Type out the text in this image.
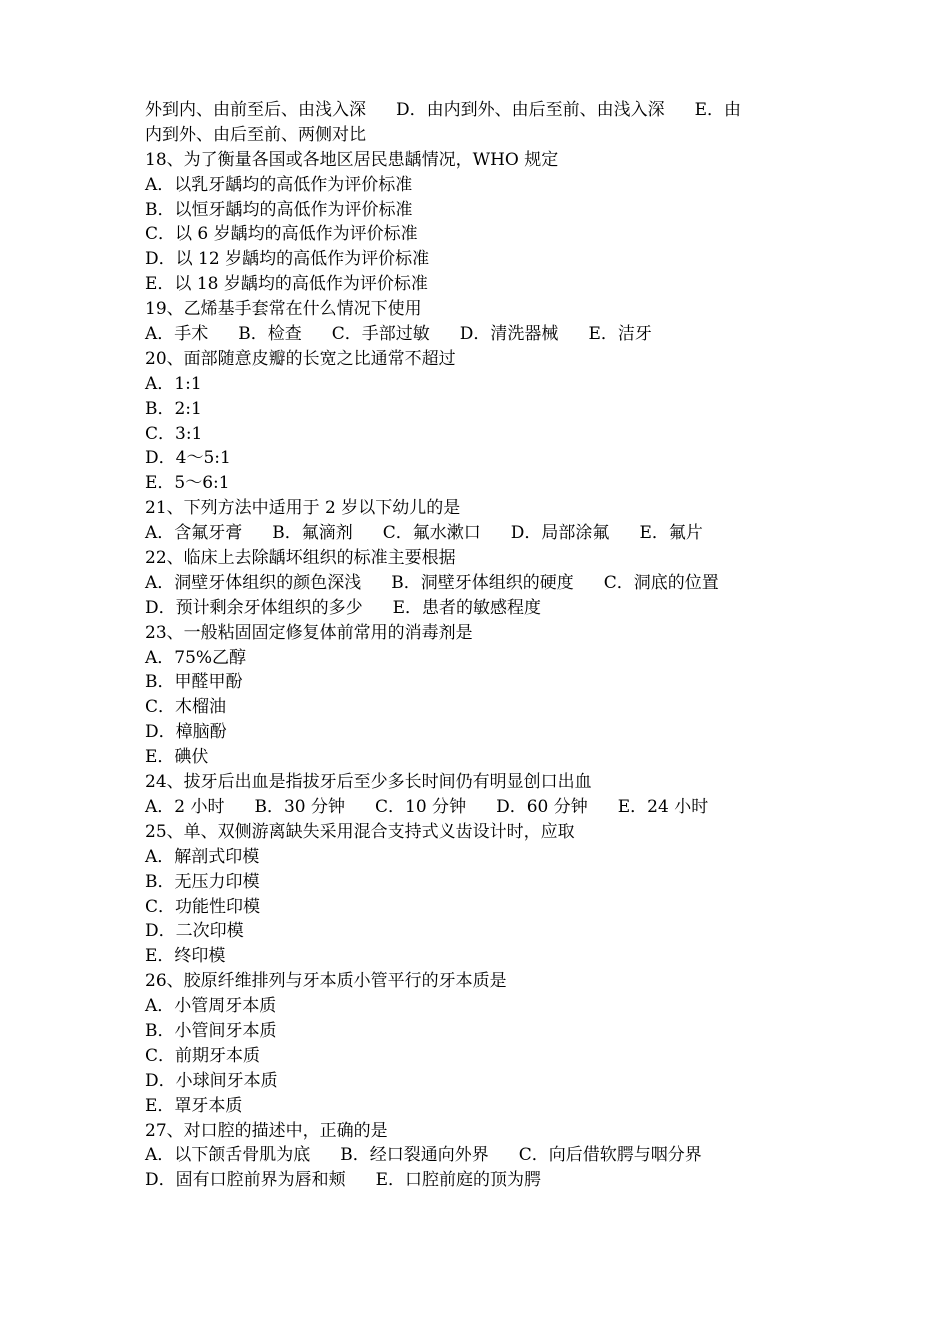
外到内、由前至后、由浅入深 D．由内到外、由后至前、由浅入深 E．由
内到外、由后至前、两侧对比
18、为了衡量各国或各地区居民患龋情况，WHO 规定
A．以乳牙龋均的高低作为评价标准
B．以恒牙龋均的高低作为评价标准
C．以 6 岁龋均的高低作为评价标准
D．以 12 岁龋均的高低作为评价标准
E．以 18 岁龋均的高低作为评价标准
19、乙烯基手套常在什么情况下使用
A．手术 B．检查 C．手部过敏 D．清洗器械 E．洁牙
20、面部随意皮瓣的长宽之比通常不超过
A．1:1
B．2:1
C．3:1
D．4～5:1
E．5～6:1
21、下列方法中适用于 2 岁以下幼儿的是
A．含氟牙膏 B．氟滴剂 C．氟水漱口 D．局部涂氟 E．氟片
22、临床上去除龋坏组织的标准主要根据
A．洞壁牙体组织的颜色深浅 B．洞壁牙体组织的硬度 C．洞底的位置
D．预计剩余牙体组织的多少 E．患者的敏感程度
23、一般粘固固定修复体前常用的消毒剂是
A．75%乙醇
B．甲醛甲酚
C．木榴油
D．樟脑酚
E．碘伏
24、拔牙后出血是指拔牙后至少多长时间仍有明显创口出血
A．2 小时 B．30 分钟 C．10 分钟 D．60 分钟 E．24 小时
25、单、双侧游离缺失采用混合支持式义齿设计时，应取
A．解剖式印模
B．无压力印模
C．功能性印模
D．二次印模
E．终印模
26、胶原纤维排列与牙本质小管平行的牙本质是
A．小管周牙本质
B．小管间牙本质
C．前期牙本质
D．小球间牙本质
E．罩牙本质
27、对口腔的描述中，正确的是
A．以下颌舌骨肌为底 B．经口裂通向外界 C．向后借软腭与咽分界
D．固有口腔前界为唇和颊 E．口腔前庭的顶为腭
